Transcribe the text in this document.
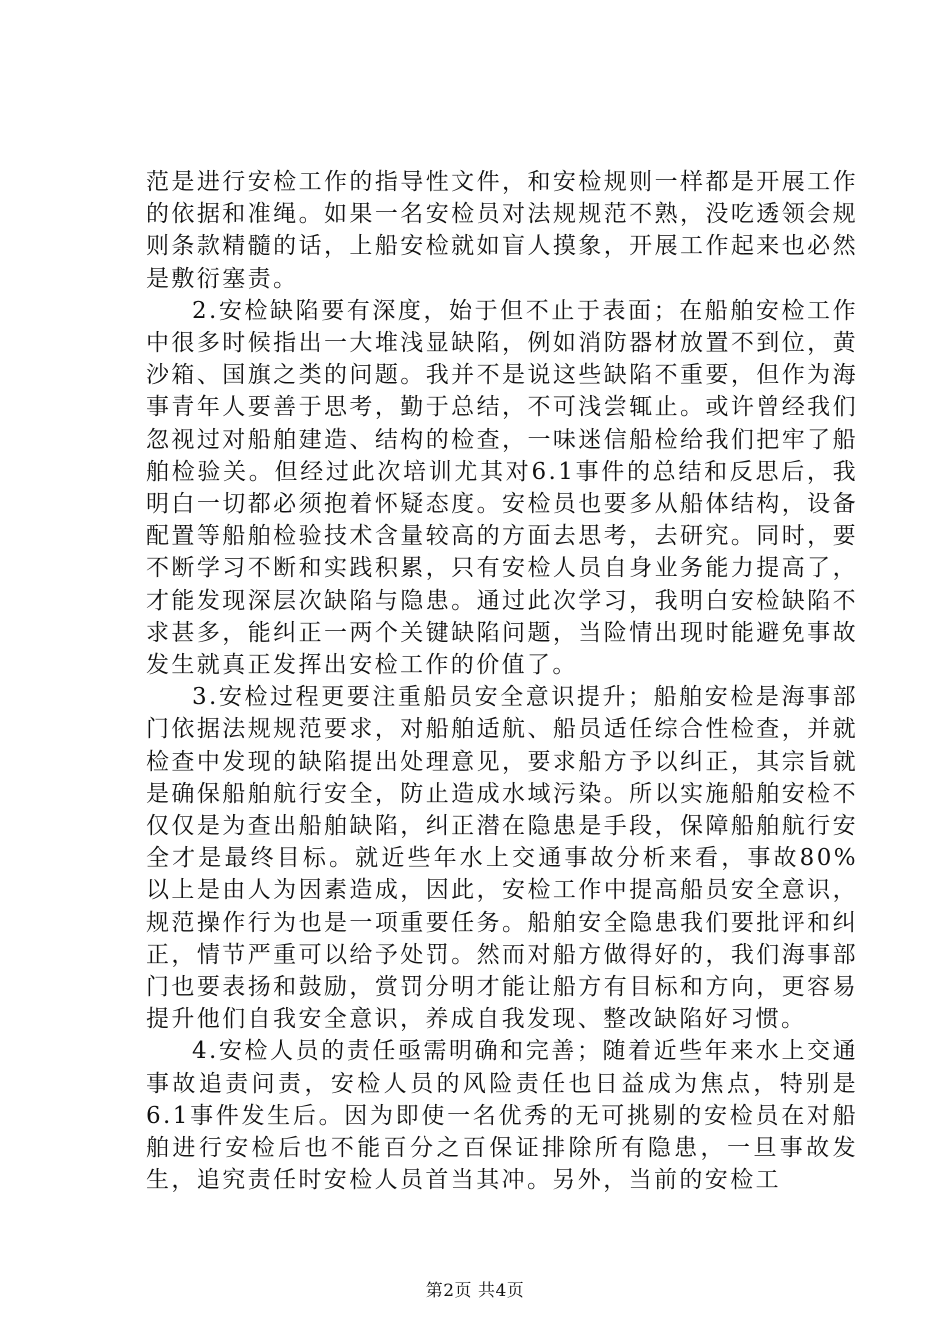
范是进行安检工作的指导性文件，和安检规则一样都是开展工作的依据和准绳。如果一名安检员对法规规范不熟，没吃透领会规则条款精髓的话，上船安检就如盲人摸象，开展工作起来也必然是敷衍塞责。

2.安检缺陷要有深度，始于但不止于表面；在船舶安检工作中很多时候指出一大堆浅显缺陷，例如消防器材放置不到位，黄沙箱、国旗之类的问题。我并不是说这些缺陷不重要，但作为海事青年人要善于思考，勤于总结，不可浅尝辄止。或许曾经我们忽视过对船舶建造、结构的检查，一味迷信船检给我们把牢了船舶检验关。但经过此次培训尤其对6.1事件的总结和反思后，我明白一切都必须抱着怀疑态度。安检员也要多从船体结构，设备配置等船舶检验技术含量较高的方面去思考，去研究。同时，要不断学习不断和实践积累，只有安检人员自身业务能力提高了，才能发现深层次缺陷与隐患。通过此次学习，我明白安检缺陷不求甚多，能纠正一两个关键缺陷问题，当险情出现时能避免事故发生就真正发挥出安检工作的价值了。

3.安检过程更要注重船员安全意识提升；船舶安检是海事部门依据法规规范要求，对船舶适航、船员适任综合性检查，并就检查中发现的缺陷提出处理意见，要求船方予以纠正，其宗旨就是确保船舶航行安全，防止造成水域污染。所以实施船舶安检不仅仅是为查出船舶缺陷，纠正潜在隐患是手段，保障船舶航行安全才是最终目标。就近些年水上交通事故分析来看，事故80%以上是由人为因素造成，因此，安检工作中提高船员安全意识，规范操作行为也是一项重要任务。船舶安全隐患我们要批评和纠正，情节严重可以给予处罚。然而对船方做得好的，我们海事部门也要表扬和鼓励，赏罚分明才能让船方有目标和方向，更容易提升他们自我安全意识，养成自我发现、整改缺陷好习惯。

4.安检人员的责任亟需明确和完善；随着近些年来水上交通事故追责问责，安检人员的风险责任也日益成为焦点，特别是6.1事件发生后。因为即使一名优秀的无可挑剔的安检员在对船舶进行安检后也不能百分之百保证排除所有隐患，一旦事故发生，追究责任时安检人员首当其冲。另外，当前的安检工

第2页 共4页
